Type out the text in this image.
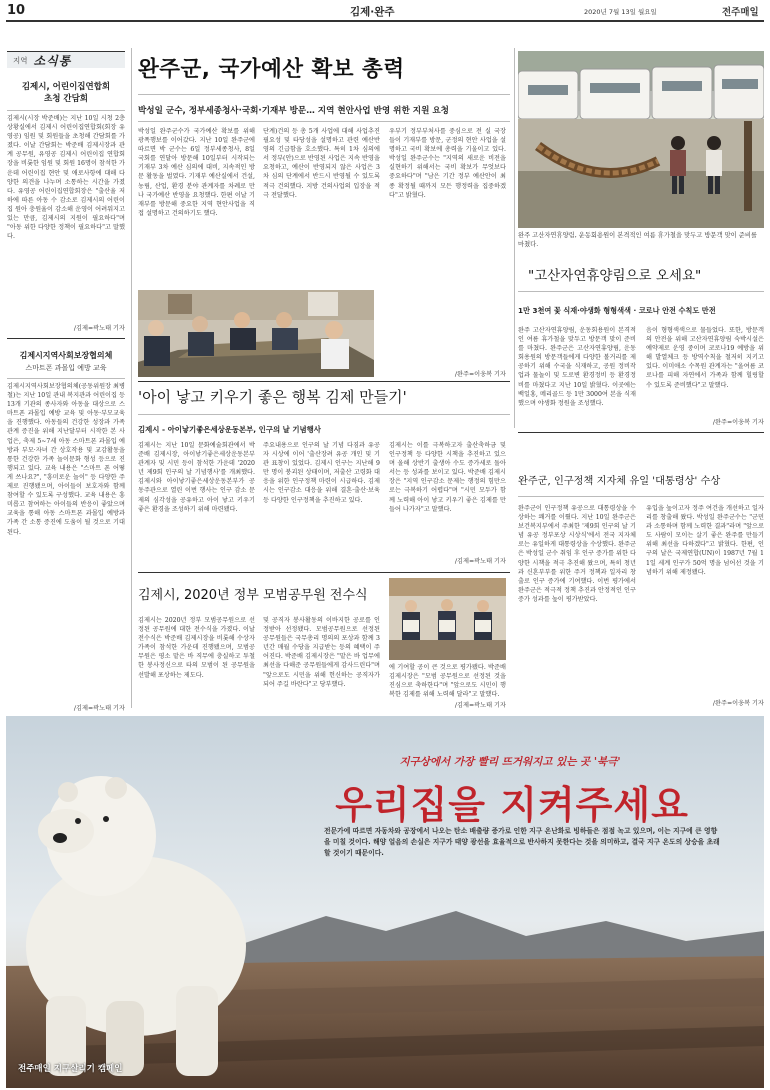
10	김제·완주	2020년 7월 13일 월요일	전주매일
지역 소식통
김제시, 어린이집연합회
초청 간담회
김제시(시장 박준배)는 지난 10일 시청 2층 상황실에서 김제시 어린이집연합회(회장 유영공) 임원 및 회원들을 초청해 간담회를 가졌다. 이날 간담회는 박준배 김제시장과 관계 공무원, 유영공 김제시 어린이집 연합회장을 비롯한 임원 및 회원 16명이 참석한 가운데 어린이집 현안 및 애로사항에 대해 다양한 의견을 나누며 소통하는 시간을 가졌다. 유영공 어린이집연합회장은 "출산율 저하에 따른 아동 수 감소로 김제시의 어린이집 원아 충원율이 감소해 운영이 어려워지고 있는 만큼, 김제시의 지원이 필요하다"며 "아동 위한 다양한 정책이 필요하다"고 말했다.
/김제=곽노태 기자
김제시지역사회보장협의체
스마트폰 과몰입 예방 교육
김제시지역사회보장협의체(공동위원장 최병철)는 지난 10일 관내 복지관과 어린이집 등 13개 기관의 종사자와 아동을 대상으로 스마트폰 과몰입 예방 교육 및 아동·부모교육을 진행했다. 아동들의 건강한 성장과 가족관계 증진을 위해 지난달부터 시작한 본 사업은, 축제 5~7세 아동 스마트폰 과몰입 예방과 부모·자녀 간 상호작용 및 교감활동을 통한 건강한 가족 놀이문화 형성 등으로 진행되고 있다. 교육 내용은 "스마트 폰 어떻게 쓰나요?", "흥미로운 놀이" 등 다양한 주제로 진행됐으며, 아이들이 보호자와 함께 참여할 수 있도록 구성했다. 교육 내용은 흥미롭고 참여하는 아이들의 반응이 좋았으며 교육을 통해 아동 스마트폰 과몰입 예방과 가족 간 소통 증진에 도움이 될 것으로 기대된다.
/김제=곽노태 기자
완주군, 국가예산 확보 총력
박성일 군수, 정부세종청사·국회·기재부 방문… 지역 현안사업 반영 위한 지원 요청
박성일 완주군수가 국가예산 확보를 위해 광폭행보를 이어갔다. 지난 10일 완주군에 따르면 박 군수는 6일 정부세종청사, 8일 국회를 연달아 방문해 10일부터 시작되는 기재부 3차 예산 심의에 대비, 지속적인 방문 활동을 벌였다. 기재부 예산실에서 건설, 농림, 산업, 환경 분야 관계자를 차례로 만나 국가예산 반영을 요청했다. 한편 이날 기재부를 방문해 중요한 지역 현안사업을 직접 설명하고 건의하기도 했다.
단계)건의 등 총 5개 사업에 대해 사업추진 필요성 및 타당성을 설명하고 관련 예산반영의 긴급함을 호소했다. 특히 1차 심의에서 정부(안)으로 반영된 사업은 지속 반영을 요청하고, 예산이 반영되지 않은 사업은 3차 심의 단계에서 반드시 반영될 수 있도록 적극 건의했다. 지방 건의사업의 입장을 적극 전달했다.
우부기 정부부처사를 중심으로 전 실 국장들이 기재부를 방문, 군정의 현안 사업을 설명하고 국비 확보에 총력을 기울이고 있다. 박성일 완주군수는 "지역의 새로운 비전을 실현하기 위해서는 국비 확보가 무엇보다 중요하다"며 "남은 기간 정부 예산안이 최종 확정될 때까지 모든 행정력을 집중하겠다"고 밝혔다.
/완주=이웅복 기자
완주 고산자연휴양림, 운동회용원이 본격적인 여름 휴가철을 맞두고 방문객 맞이 준비를 마쳤다.
"고산자연휴양림으로 오세요"
1만 3천여 꽃 식재·야생화 형형색색 · 코로나 안전 수칙도 만전
완주 고산자연휴양림, 운동회용원이 본격적인 여름 휴가철을 맞두고 방문객 맞이 준비를 마쳤다. 완주군은 고산자연휴양림, 운동회용원의 방문객들에게 다양한 볼거리를 제공하기 위해 수국을 식재하고, 공원 정비작업과 물놀이 및 도로변 환경정비 등 환경정비를 마쳤다고 지난 10일 밝혔다. 이곳에는 백일홍, 메리골드 등 1만 3000여 본을 식재했으며 야생화 정원을 조성했다.
음이 형형색색으로 물들었다. 또한, 방문객의 안전을 위해 고산자연휴양림 숙박시설은 예약제로 운영 중이며 코로나19 예방을 위해 발열체크 등 방역수칙을 철저히 지키고 있다. 이미애소 수목원 관계자는 "올여름 코로나를 피해 자연에서 가족과 함께 힐링할 수 있도록 준비했다"고 말했다.
/완주=이웅복 기자
'아이 낳고 키우기 좋은 행복 김제 만들기'
김제시 - 아이낳기좋은세상운동본부, 인구의 날 기념행사
김제시는 지난 10일 문화예술회관에서 박준배 김제시장, 아이낳기좋은세상운동본부 관계자 및 시민 등이 참석한 가운데 '2020년 제9회 인구의 날 기념행사'를 개최했다. 김제시와 아이낳기좋은세상운동본부가 공동주관으로 열린 이번 행사는 인구 감소 문제의 심각성을 공유하고 아이 낳고 키우기 좋은 환경을 조성하기 위해 마련됐다.
주요내용으로 인구의 날 기념 다짐과 유공자 시상에 이어 '출산장려 유공 개인 및 기관 표창이 있었다. 김제시 인구는 지난해 9만 명이 붕괴된 상태이며, 저출산 고령화 대응을 위한 인구정책 마련이 시급하다. 김제시는 인구감소 대응을 위해 결혼·출산·보육 등 다양한 인구정책을 추진하고 있다.
김제시는 이를 극복하고자 출산축하금 및 인구정책 등 다양한 시책을 추진하고 있으며 올해 상반기 출생아 수도 증가세로 돌아서는 등 성과를 보이고 있다. 박준배 김제시장은 "지역 인구감소 문제는 행정의 힘만으로는 극복하기 어렵다"며 "시민 모두가 함께 노력해 아이 낳고 키우기 좋은 김제를 만들어 나가자"고 말했다.
/김제=곽노태 기자
김제시, 2020년 정부 모범공무원 전수식
김제시는 2020년 정부 모범공무원으로 선정된 공무원에 대한 전수식을 가졌다. 이날 전수식은 박준배 김제시장을 비롯해 수상자 가족이 참석한 가운데 진행됐으며, 모범공무원은 평소 맡은 바 직무에 충실하고 투철한 봉사정신으로 타의 모범이 된 공무원을 선발해 포상하는 제도다.
및 공직자 봉사활동의 이바지한 공로를 인정받아 선정됐다. 모범공무원으로 선정된 공무원들은 국무총리 명의의 포상과 함께 3년간 매월 수당을 지급받는 등의 혜택이 주어진다. 박준배 김제시장은 "맡은 바 업무에 최선을 다해준 공무원들에게 감사드린다"며 "앞으로도 시민을 위해 헌신하는 공직자가 되어 주길 바란다"고 당부했다.
에 기여할 공이 큰 것으로 평가됐다. 박준배 김제시장은 "모범 공무원으로 선정된 것을 진심으로 축하한다"며 "앞으로도 시민이 행복한 김제를 위해 노력해 달라"고 말했다.
/김제=곽노태 기자
완주군, 인구정책 지자체 유일 '대통령상' 수상
완주군이 인구정책 유공으로 대통령상을 수상하는 쾌거를 이뤘다. 지난 10일 완주군은 보건복지부에서 주최한 '제9회 인구의 날 기념 유공 정부포상 시상식'에서 전국 지자체로는 유일하게 대통령상을 수상했다. 완주군은 박성일 군수 취임 후 인구 증가를 위한 다양한 시책을 적극 추진해 왔으며, 특히 청년과 신혼부부를 위한 주거 정책과 일자리 창출로 인구 증가에 기여했다. 이번 평가에서 완주군은 적극적 정책 추진과 안정적인 인구 증가 성과를 높이 평가받았다.
유입을 높이고자 정주 여건을 개선하고 일자리를 창출해 왔다. 박성일 완주군수는 "군민과 소통하며 함께 노력한 결과"라며 "앞으로도 사람이 모이는 살기 좋은 완주를 만들기 위해 최선을 다하겠다"고 밝혔다. 한편, 인구의 날은 국제연합(UN)이 1987년 7월 11일 세계 인구가 50억 명을 넘어선 것을 기념하기 위해 제정됐다.
/완주=이웅복 기자
지구상에서 가장 빨리 뜨거워지고 있는 곳 '북극'
우리집을 지켜주세요
전문가에 따르면 자동차와 공장에서 나오는 탄소 배출량 증가로 인한 지구 온난화로 빙하들은 점점 녹고 있으며, 이는 지구에 큰 영향을 미칠 것이다. 해양 얼음의 손실은 지구가 태양 광선을 효율적으로 반사하지 못한다는 것을 의미하고, 결국 지구 온도의 상승을 초래할 것이기 때문이다.
전주매일 지구살리기 캠페인
